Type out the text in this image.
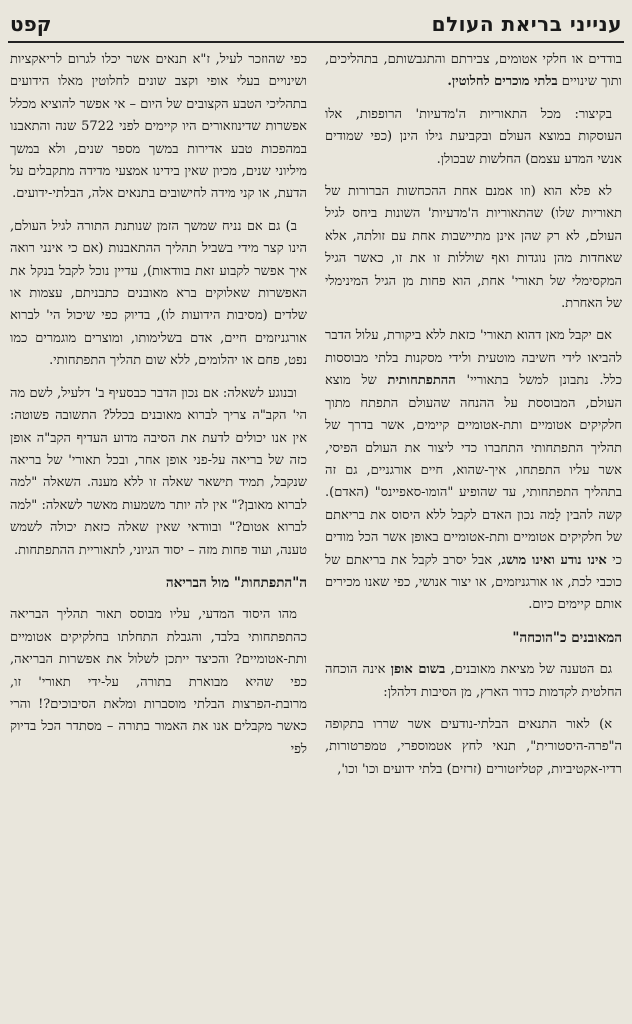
ענייני בריאת העולם
קפט

בודדים או חלקי אטומים, צבירתם והתגבשותם, בתהליכים, ותוך שינויים בלתי מוכרים לחלוטין.

בקיצור: מכל התאוריות ה'מדעיות' הרופפות, אלו העוסקות במוצא העולם ובקביעת גילו הינן (כפי שמודים אנשי המדע עצמם) החלשות שבכולן.

לא פלא הוא (וזו אמנם אחת ההכחשות הברורות של תאוריות שלו) שהתאוריות ה'מדעיות' השונות ביחס לגיל העולם, לא רק שהן אינן מתיישבות אחת עם זולתה, אלא שאחדות מהן נוגדות ואף שוללות זו את זו, כאשר הגיל המקסימלי של תאורי' אחת, הוא פחות מן הגיל המינימלי של האחרת.

אם יקבל מאן דהוא תאורי' כזאת ללא ביקורת, עלול הדבר להביאו לידי חשיבה מוטעית ולידי מסקנות בלתי מבוססות כלל. נתבונן למשל בתאוריי' ההתפתחותית של מוצא העולם, המבוססת על ההנחה שהעולם התפתח מתוך חלקיקים אטומיים ותת-אטומיים קיימים, אשר בדרך של תהליך התפתחותי התחברו כדי ליצור את העולם הפיסי, אשר עליו התפתחו, איך-שהוא, חיים אורגניים, גם זה בתהליך התפתחותי, עד שהופיע "הומו-סאפיינס" (האדם). קשה להבין לָמה נכון האדם לקבל ללא היסוס את בריאתם של חלקיקים אטומיים ותת-אטומיים באופן אשר הכל מודים כי אינו נודע ואינו מושג, אבל יסרב לקבל את בריאתם של כוכבי לכת, או אורגניזמים, או יצור אנושי, כפי שאנו מכירים אותם קיימים כיום.

המאובנים כ"הוכחה"

גם הטענה של מציאת מאובנים, בשום אופן אינה הוכחה החלטית לקדמות כדור הארץ, מן הסיבות דלהלן:

א) לאור התנאים הבלתי-נודעים אשר שררו בתקופה ה"פרה-היסטורית", תנאי לחץ אטמוספרי, טמפרטורות, רדיו-אקטיביות, קטליזטורים (זרזים) בלתי ידועים וכו' וכו',

כפי שהוזכר לעיל, ז"א תנאים אשר יכלו לגרום לריאקציות ושינויים בעלי אופי וקצב שונים לחלוטין מאלו הידועים בתהליכי הטבע הקצובים של היום – אי אפשר להוציא מכלל אפשרות שדינוזאורים היו קיימים לפני 5722 שנה והתאבנו במהפכות טבע אדירות במשך מספר שנים, ולא במשך מיליוני שנים, מכיון שאין בידינו אמצעי מדידה מתקבלים על הדעת, או קני מידה לחישובים בתנאים אלה, הבלתי-ידועים.

ב) גם אם נניח שמשך הזמן שנותנת התורה לגיל העולם, הינו קצר מידי בשביל תהליך ההתאבנות (אם כי אינני רואה איך אפשר לקבוע זאת בוודאות), עדיין נוכל לקבל בנקל את האפשרות שאלוקים ברא מאובנים כתבניתם, עצמות או שלדים (מסיבות הידועות לו), בדיוק כפי שיכול הי' לברוא אורגניזמים חיים, אדם בשלימותו, ומוצרים מוגמרים כמו נפט, פחם או יהלומים, ללא שום תהליך התפתחותי.

ובנוגע לשאלה: אם נכון הדבר כבסעיף ב' דלעיל, לשם מה הי' הקב"ה צריך לברוא מאובנים בכלל? התשובה פשוטה: אין אנו יכולים לדעת את הסיבה מדוע העדיף הקב"ה אופן כזה של בריאה על-פני אופן אחר, ובכל תאורי' של בריאה שנקבל, תמיד תישאר שאלה זו ללא מענה. השאלה "למה לברוא מאובן?" אין לה יותר משמעות מאשר לשאלה: "למה לברוא אטום?" ובוודאי שאין שאלה כזאת יכולה לשמש טענה, ועוד פחות מזה – יסוד הגיוני, לתאוריית ההתפתחות.

ה"התפתחות" מול הבריאה

מהו היסוד המדעי, עליו מבוסס תאור תהליך הבריאה כהתפתחותי בלבד, והגבלת התחלתו בחלקיקים אטומיים ותת-אטומיים? והכיצד ייתכן לשלול את אפשרות הבריאה, כפי שהיא מבוארת בתורה, על-ידי תאורי' זו, מרובת-הפרצות הבלתי מוסברות ומלאת הסיבוכים?! והרי כאשר מקבלים אנו את האמור בתורה – מסתדר הכל בדיוק לפי
